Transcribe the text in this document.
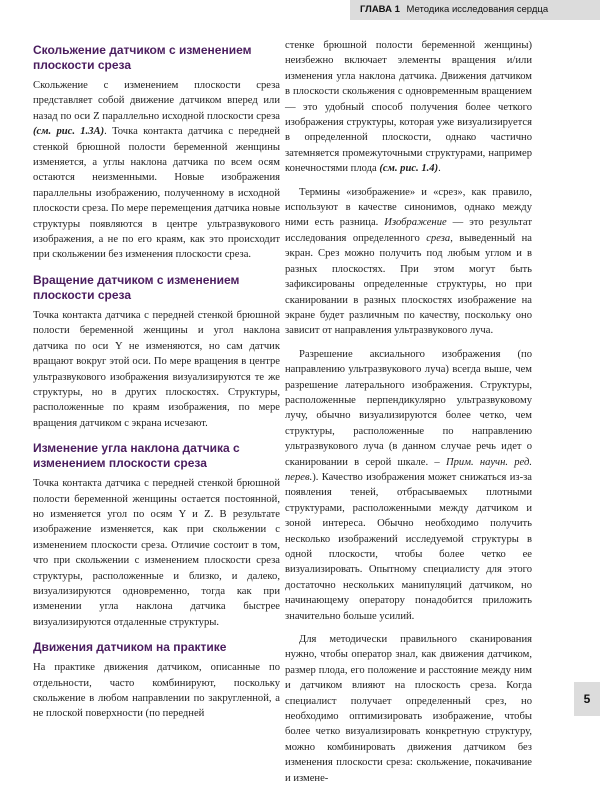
ГЛАВА 1 Методика исследования сердца
Скольжение датчиком с изменением плоскости среза

Скольжение с изменением плоскости среза представляет собой движение датчиком вперед или назад по оси Z параллельно исходной плоскости среза (см. рис. 1.3А). Точка контакта датчика с передней стенкой брюшной полости беременной женщины изменяется, а углы наклона датчика по всем осям остаются неизменными. Новые изображения параллельны изображению, полученному в исходной плоскости среза. По мере перемещения датчика новые структуры появляются в центре ультразвукового изображения, а не по его краям, как это происходит при скольжении без изменения плоскости среза.

Вращение датчиком с изменением плоскости среза

Точка контакта датчика с передней стенкой брюшной полости беременной женщины и угол наклона датчика по оси Y не изменяются, но сам датчик вращают вокруг этой оси. По мере вращения в центре ультразвукового изображения визуализируются те же структуры, но в других плоскостях. Структуры, расположенные по краям изображения, по мере вращения датчиком с экрана исчезают.

Изменение угла наклона датчика с изменением плоскости среза

Точка контакта датчика с передней стенкой брюшной полости беременной женщины остается постоянной, но изменяется угол по осям Y и Z. В результате изображение изменяется, как при скольжении с изменением плоскости среза. Отличие состоит в том, что при скольжении с изменением плоскости среза структуры, расположенные и близко, и далеко, визуализируются одновременно, тогда как при изменении угла наклона датчика быстрее визуализируются отдаленные структуры.

Движения датчиком на практике

На практике движения датчиком, описанные по отдельности, часто комбинируют, поскольку скольжение в любом направлении по закругленной, а не плоской поверхности (по передней

стенке брюшной полости беременной женщины) неизбежно включает элементы вращения и/или изменения угла наклона датчика. Движения датчиком в плоскости скольжения с одновременным вращением — это удобный способ получения более четкого изображения структуры, которая уже визуализируется в определенной плоскости, однако частично затемняется промежуточными структурами, например конечностями плода (см. рис. 1.4).

Термины «изображение» и «срез», как правило, используют в качестве синонимов, однако между ними есть разница. Изображение — это результат исследования определенного среза, выведенный на экран. Срез можно получить под любым углом и в разных плоскостях. При этом могут быть зафиксированы определенные структуры, но при сканировании в разных плоскостях изображение на экране будет различным по качеству, поскольку оно зависит от направления ультразвукового луча.

Разрешение аксиального изображения (по направлению ультразвукового луча) всегда выше, чем разрешение латерального изображения. Структуры, расположенные перпендикулярно ультразвуковому лучу, обычно визуализируются более четко, чем структуры, расположенные по направлению ультразвукового луча (в данном случае речь идет о сканировании в серой шкале. – Прим. научн. ред. перев.). Качество изображения может снижаться из-за появления теней, отбрасываемых плотными структурами, расположенными между датчиком и зоной интереса. Обычно необходимо получить несколько изображений исследуемой структуры в одной плоскости, чтобы более четко ее визуализировать. Опытному специалисту для этого достаточно нескольких манипуляций датчиком, но начинающему оператору понадобится приложить значительно больше усилий.

Для методически правильного сканирования нужно, чтобы оператор знал, как движения датчиком, размер плода, его положение и расстояние между ним и датчиком влияют на плоскость среза. Когда специалист получает определенный срез, но необходимо оптимизировать изображение, чтобы более четко визуализировать конкретную структуру, можно комбинировать движения датчиком без изменения плоскости среза: скольжение, покачивание и измене-

5
